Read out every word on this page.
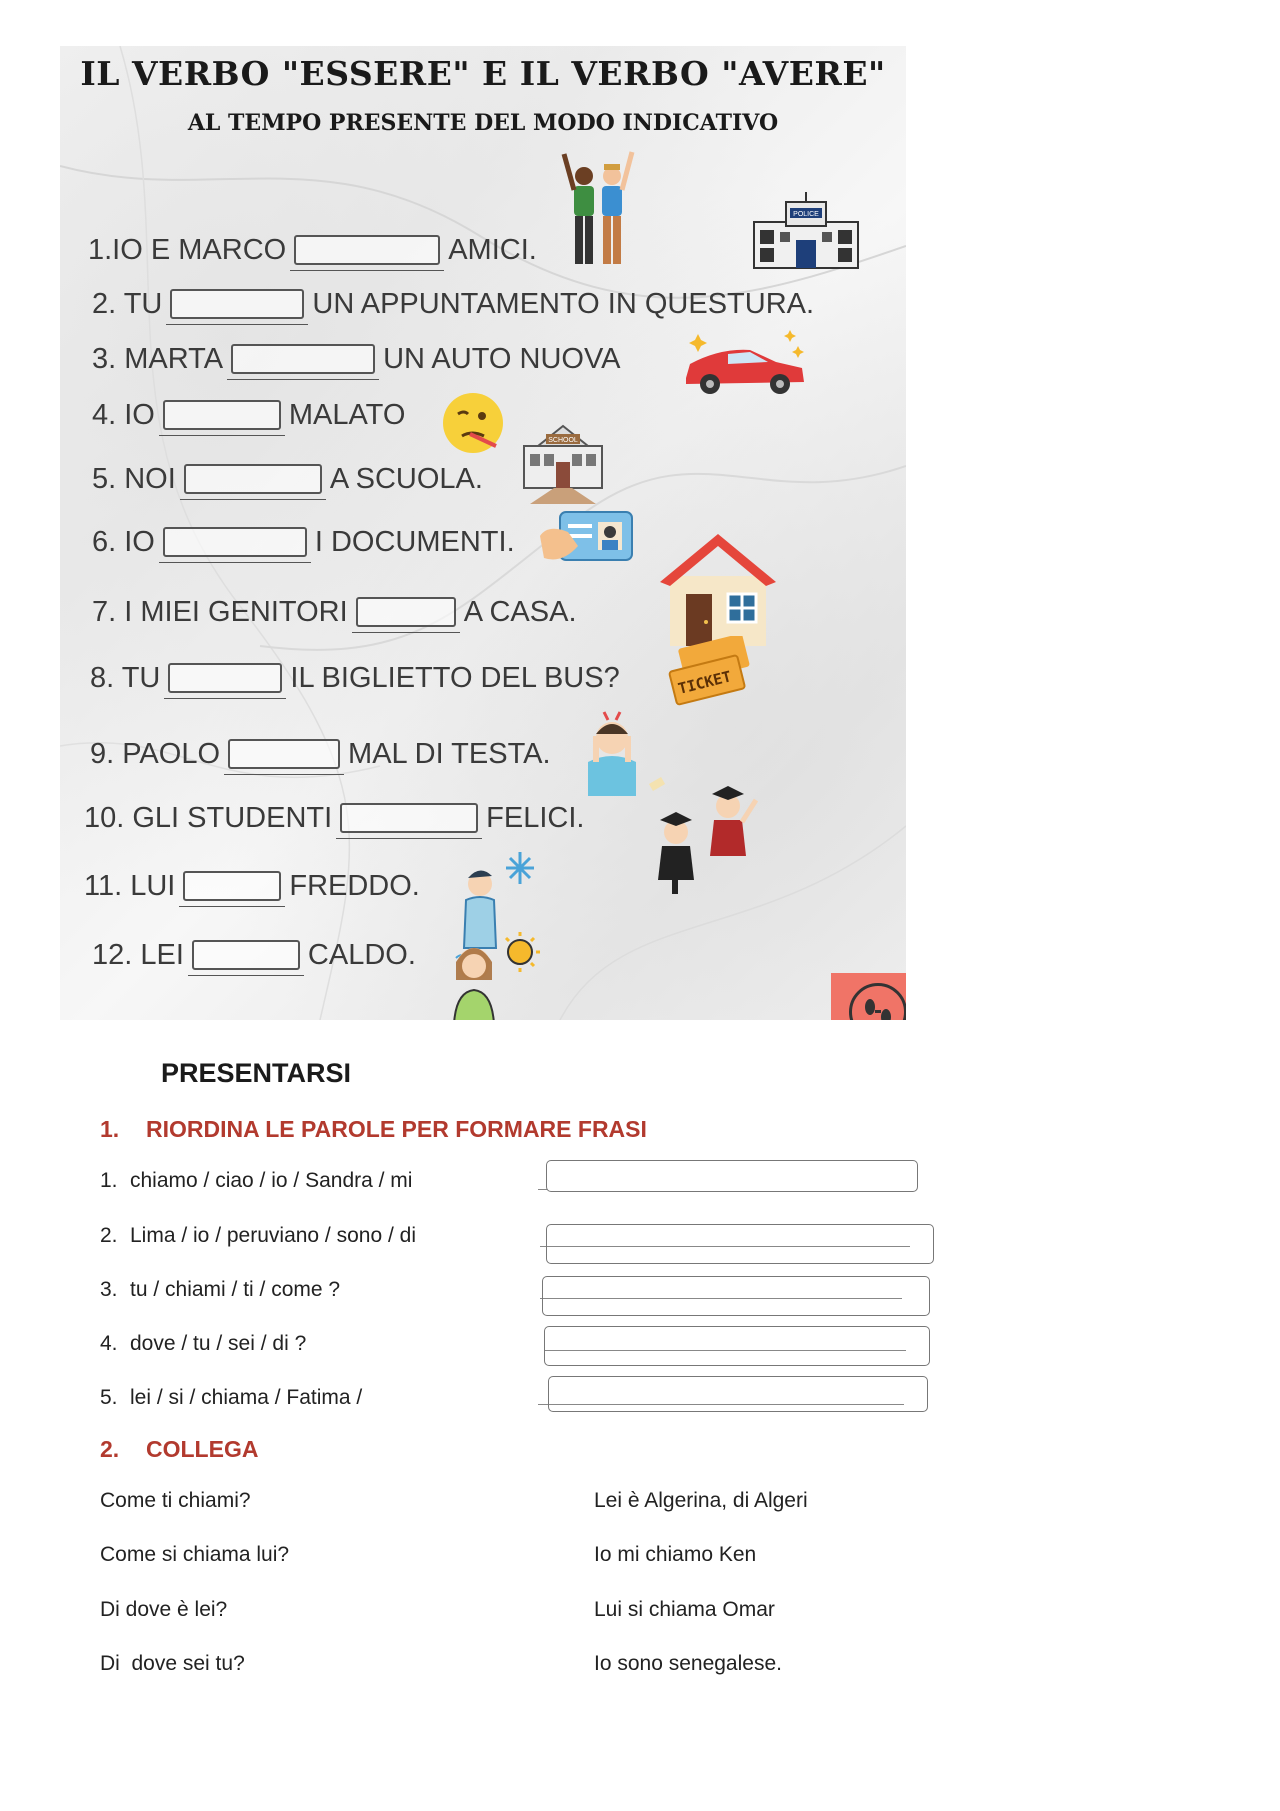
IL VERBO "ESSERE" E IL VERBO "AVERE"
AL TEMPO PRESENTE DEL MODO INDICATIVO
1.IO E MARCO	AMICI.
2. TU	UN APPUNTAMENTO IN QUESTURA.
3. MARTA	UN AUTO NUOVA
4. IO	MALATO
5. NOI	A SCUOLA.
6. IO	I DOCUMENTI.
7. I MIEI GENITORI	A CASA.
8. TU	IL BIGLIETTO DEL BUS?
9. PAOLO	MAL DI TESTA.
10. GLI STUDENTI	FELICI.
11. LUI	FREDDO.
12. LEI	CALDO.
POLICE
SCHOOL
TICKET
PRESENTARSI
1. RIORDINA LE PAROLE PER FORMARE FRASI
1. chiamo / ciao / io / Sandra / mi
2. Lima / io / peruviano / sono / di
3. tu / chiami / ti / come ?
4. dove / tu / sei / di ?
5. lei / si / chiama / Fatima /
2. COLLEGA
Come ti chiami?
Come si chiama lui?
Di dove è lei?
Di  dove sei tu?
Lei è Algerina, di Algeri
Io mi chiamo Ken
Lui si chiama Omar
Io sono senegalese.
